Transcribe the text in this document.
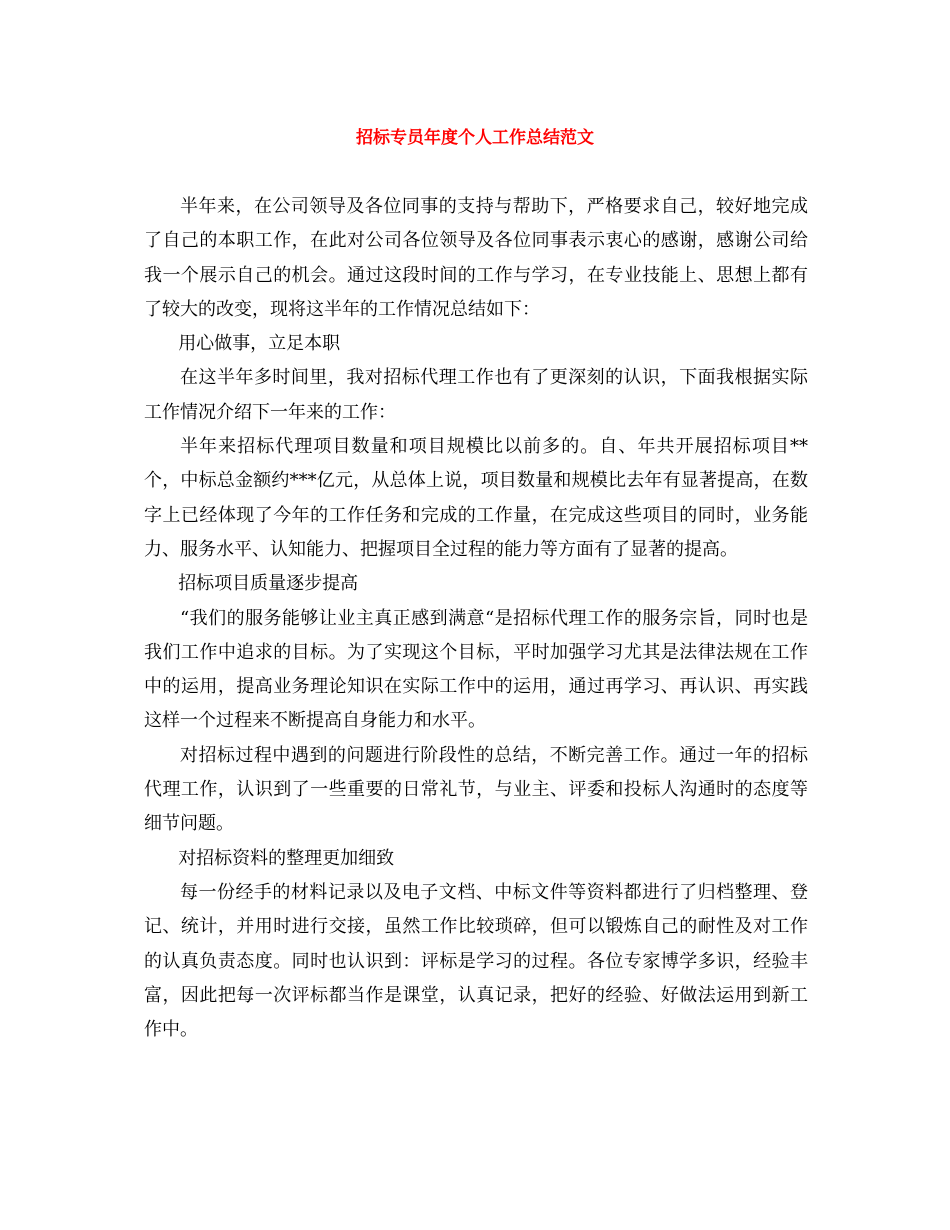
招标专员年度个人工作总结范文

半年来，在公司领导及各位同事的支持与帮助下，严格要求自己，较好地完成了自己的本职工作，在此对公司各位领导及各位同事表示衷心的感谢，感谢公司给我一个展示自己的机会。通过这段时间的工作与学习，在专业技能上、思想上都有了较大的改变，现将这半年的工作情况总结如下：

用心做事，立足本职

在这半年多时间里，我对招标代理工作也有了更深刻的认识，下面我根据实际工作情况介绍下一年来的工作：

半年来招标代理项目数量和项目规模比以前多的。自、年共开展招标项目**个，中标总金额约***亿元，从总体上说，项目数量和规模比去年有显著提高，在数字上已经体现了今年的工作任务和完成的工作量，在完成这些项目的同时，业务能力、服务水平、认知能力、把握项目全过程的能力等方面有了显著的提高。

招标项目质量逐步提高

“我们的服务能够让业主真正感到满意“是招标代理工作的服务宗旨，同时也是我们工作中追求的目标。为了实现这个目标，平时加强学习尤其是法律法规在工作中的运用，提高业务理论知识在实际工作中的运用，通过再学习、再认识、再实践这样一个过程来不断提高自身能力和水平。

对招标过程中遇到的问题进行阶段性的总结，不断完善工作。通过一年的招标代理工作，认识到了一些重要的日常礼节，与业主、评委和投标人沟通时的态度等细节问题。

对招标资料的整理更加细致

每一份经手的材料记录以及电子文档、中标文件等资料都进行了归档整理、登记、统计，并用时进行交接，虽然工作比较琐碎，但可以锻炼自己的耐性及对工作的认真负责态度。同时也认识到：评标是学习的过程。各位专家博学多识，经验丰富，因此把每一次评标都当作是课堂，认真记录，把好的经验、好做法运用到新工作中。
